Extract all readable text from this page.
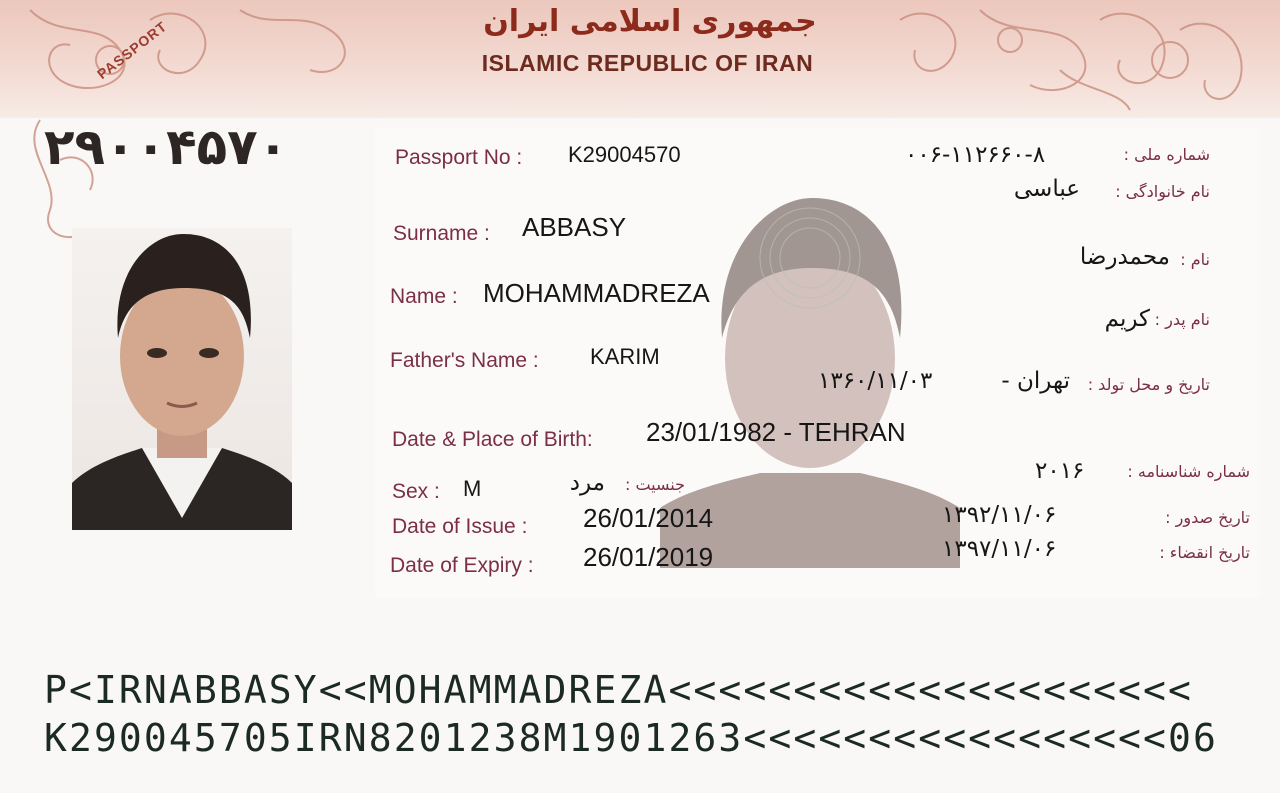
PASSPORT	جمهوری اسلامی ایران
ISLAMIC REPUBLIC OF IRAN
۲۹۰۰۴۵۷۰	Passport No : K29004570
Surname : ABBASY
Name : MOHAMMADREZA
Father's Name : KARIM
Date & Place of Birth: 23/01/1982 - TEHRAN
Sex : M
Date of Issue : 26/01/2014
Date of Expiry : 26/01/2019
۰۰۶-۱۱۲۶۶۰-۸	شماره ملی :
عباسی	نام خانوادگی :
محمدرضا نام :
کریم نام پدر :
۱۳۶۰/۱۱/۰۳	تهران -	تاریخ و محل تولد :
۲۰۱۶	شماره شناسنامه :
مرد	جنسیت :
۱۳۹۲/۱۱/۰۶	تاریخ صدور :
۱۳۹۷/۱۱/۰۶	تاریخ انقضاء :
P<IRNABBASY<<MOHAMMADREZA<<<<<<<<<<<<<<<<<<<<<
K290045705IRN8201238M1901263<<<<<<<<<<<<<<<<<06
